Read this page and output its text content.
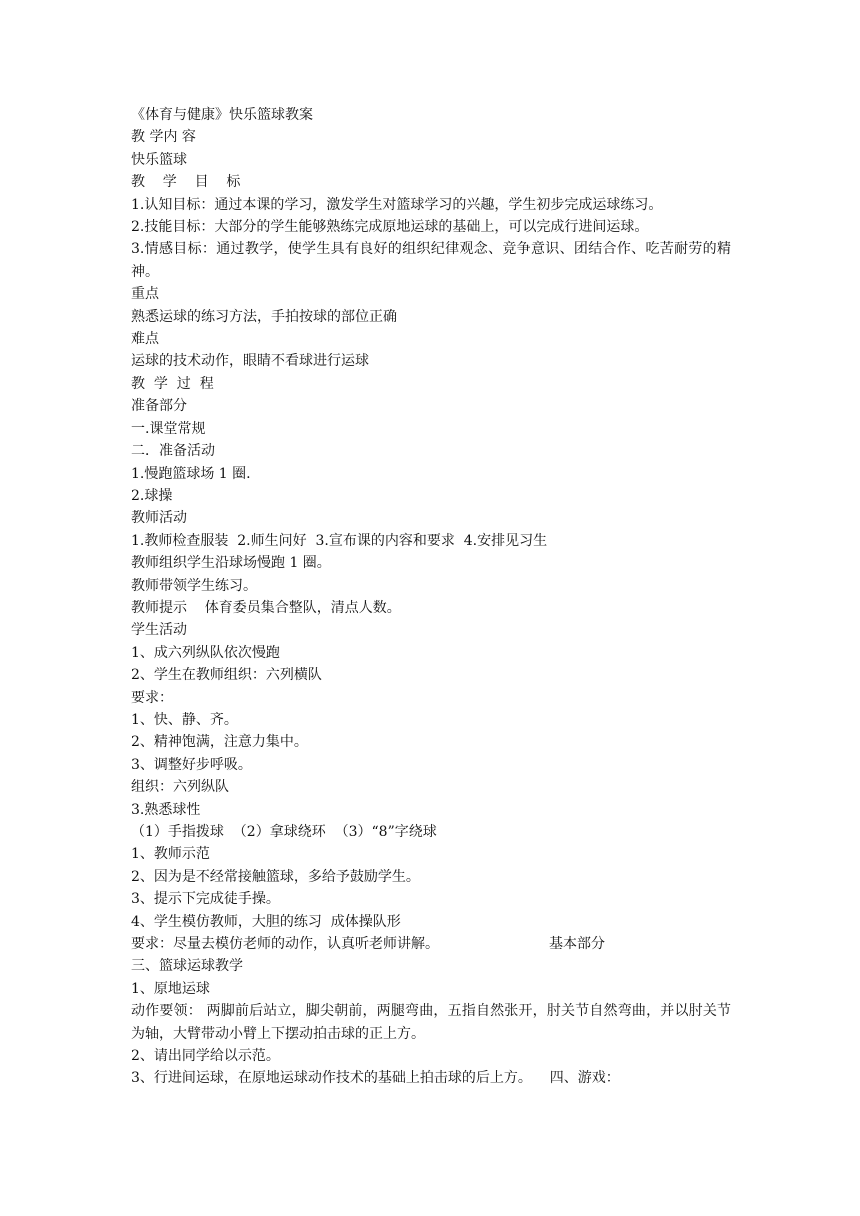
《体育与健康》快乐篮球教案
教 学内 容
快乐篮球
教    学    目    标
1.认知目标：通过本课的学习，激发学生对篮球学习的兴趣，学生初步完成运球练习。
2.技能目标：大部分的学生能够熟练完成原地运球的基础上，可以完成行进间运球。
3.情感目标：通过教学，使学生具有良好的组织纪律观念、竞争意识、团结合作、吃苦耐劳的精神。
重点
熟悉运球的练习方法，手拍按球的部位正确
难点
运球的技术动作，眼睛不看球进行运球
教  学  过  程
准备部分
一.课堂常规
二．准备活动
1.慢跑篮球场 1 圈.
2.球操
教师活动
1.教师检查服装  2.师生问好  3.宣布课的内容和要求  4.安排见习生
教师组织学生沿球场慢跑 1 圈。
教师带领学生练习。
教师提示    体育委员集合整队，清点人数。
学生活动
1、成六列纵队依次慢跑
2、学生在教师组织：六列横队
要求：
1、快、静、齐。
2、精神饱满，注意力集中。
3、调整好步呼吸。
组织：六列纵队
3.熟悉球性
（1）手指拨球  （2）拿球绕环  （3）“8”字绕球
1、教师示范
2、因为是不经常接触篮球，多给予鼓励学生。
3、提示下完成徒手操。
4、学生模仿教师，大胆的练习  成体操队形
要求：尽量去模仿老师的动作，认真听老师讲解。	基本部分
三、篮球运球教学
1、原地运球
动作要领： 两脚前后站立，脚尖朝前，两腿弯曲，五指自然张开，肘关节自然弯曲，并以肘关节为轴，大臂带动小臂上下摆动拍击球的正上方。
2、请出同学给以示范。
3、行进间运球，在原地运球动作技术的基础上拍击球的后上方。    四、游戏：
